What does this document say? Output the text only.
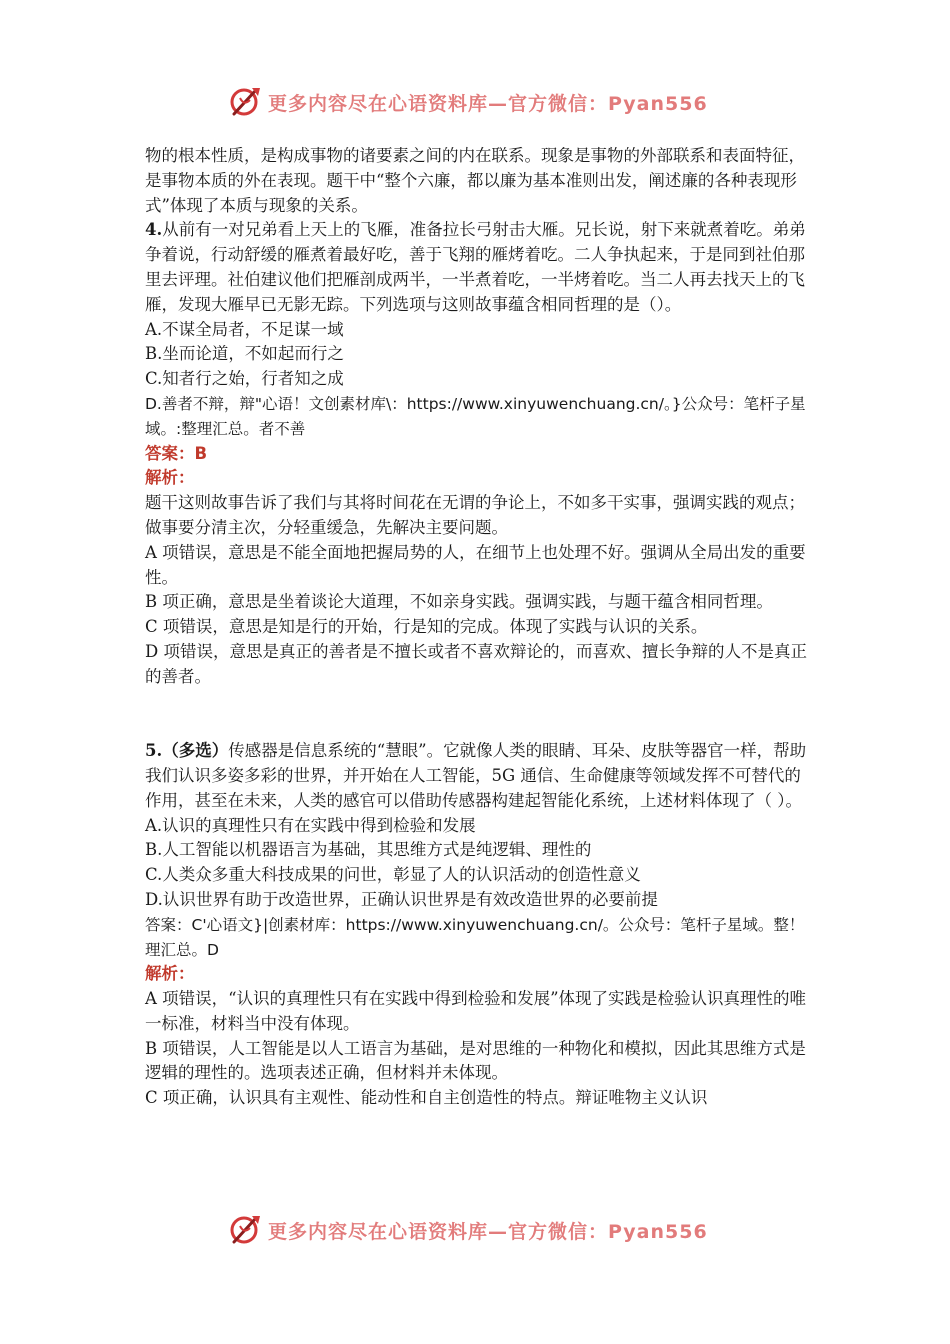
更多内容尽在心语资料库—官方微信：Pyan556

物的根本性质，是构成事物的诸要素之间的内在联系。现象是事物的外部联系和表面特征，是事物本质的外在表现。题干中“整个六廉，都以廉为基本准则出发，阐述廉的各种表现形式”体现了本质与现象的关系。

4.从前有一对兄弟看上天上的飞雁，准备拉长弓射击大雁。兄长说，射下来就煮着吃。弟弟争着说，行动舒缓的雁煮着最好吃，善于飞翔的雁烤着吃。二人争执起来，于是同到社伯那里去评理。社伯建议他们把雁剖成两半，一半煮着吃，一半烤着吃。当二人再去找天上的飞雁，发现大雁早已无影无踪。下列选项与这则故事蕴含相同哲理的是（）。

A.不谋全局者，不足谋一域

B.坐而论道，不如起而行之

C.知者行之始，行者知之成

D.善者不辩，辩"心语！文创素材库\：https://www.xinyuwenchuang.cn/。}公众号：笔杆子星域。:整理汇总。者不善

答案：B

解析：

题干这则故事告诉了我们与其将时间花在无谓的争论上，不如多干实事，强调实践的观点；做事要分清主次，分轻重缓急，先解决主要问题。

A 项错误，意思是不能全面地把握局势的人，在细节上也处理不好。强调从全局出发的重要性。

B 项正确，意思是坐着谈论大道理，不如亲身实践。强调实践，与题干蕴含相同哲理。

C 项错误，意思是知是行的开始，行是知的完成。体现了实践与认识的关系。

D 项错误，意思是真正的善者是不擅长或者不喜欢辩论的，而喜欢、擅长争辩的人不是真正的善者。

5.（多选）传感器是信息系统的“慧眼”。它就像人类的眼睛、耳朵、皮肤等器官一样，帮助我们认识多姿多彩的世界，并开始在人工智能，5G 通信、生命健康等领域发挥不可替代的作用，甚至在未来，人类的感官可以借助传感器构建起智能化系统，上述材料体现了（ ）。

A.认识的真理性只有在实践中得到检验和发展

B.人工智能以机器语言为基础，其思维方式是纯逻辑、理性的

C.人类众多重大科技成果的问世，彰显了人的认识活动的创造性意义

D.认识世界有助于改造世界，正确认识世界是有效改造世界的必要前提

答案：C'心语文}|创素材库：https://www.xinyuwenchuang.cn/。公众号：笔杆子星域。整！理汇总。D

解析：

A 项错误，“认识的真理性只有在实践中得到检验和发展”体现了实践是检验认识真理性的唯一标准，材料当中没有体现。

B 项错误，人工智能是以人工语言为基础，是对思维的一种物化和模拟，因此其思维方式是逻辑的理性的。选项表述正确，但材料并未体现。

C 项正确，认识具有主观性、能动性和自主创造性的特点。辩证唯物主义认识

更多内容尽在心语资料库—官方微信：Pyan556
